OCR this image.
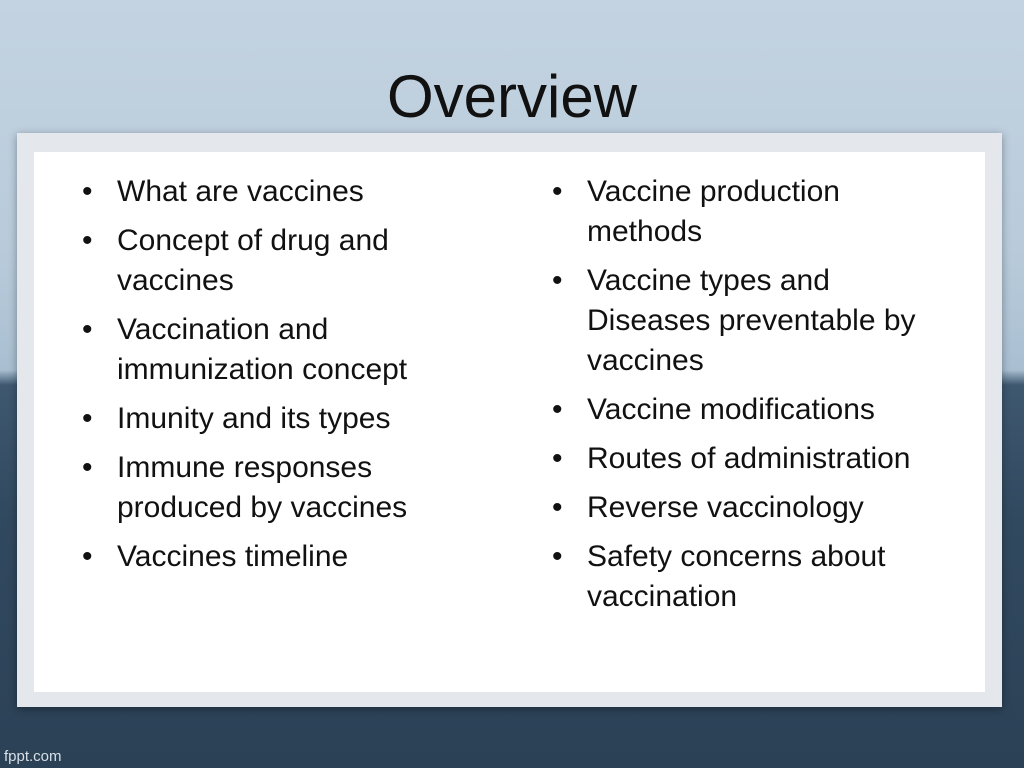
Overview
• What are vaccines
• Concept of drug and vaccines
• Vaccination and immunization concept
• Imunity and its types
• Immune responses produced by vaccines
• Vaccines timeline
• Vaccine production methods
• Vaccine types and Diseases preventable by vaccines
• Vaccine modifications
• Routes of administration
• Reverse vaccinology
• Safety concerns about vaccination
fppt.com
